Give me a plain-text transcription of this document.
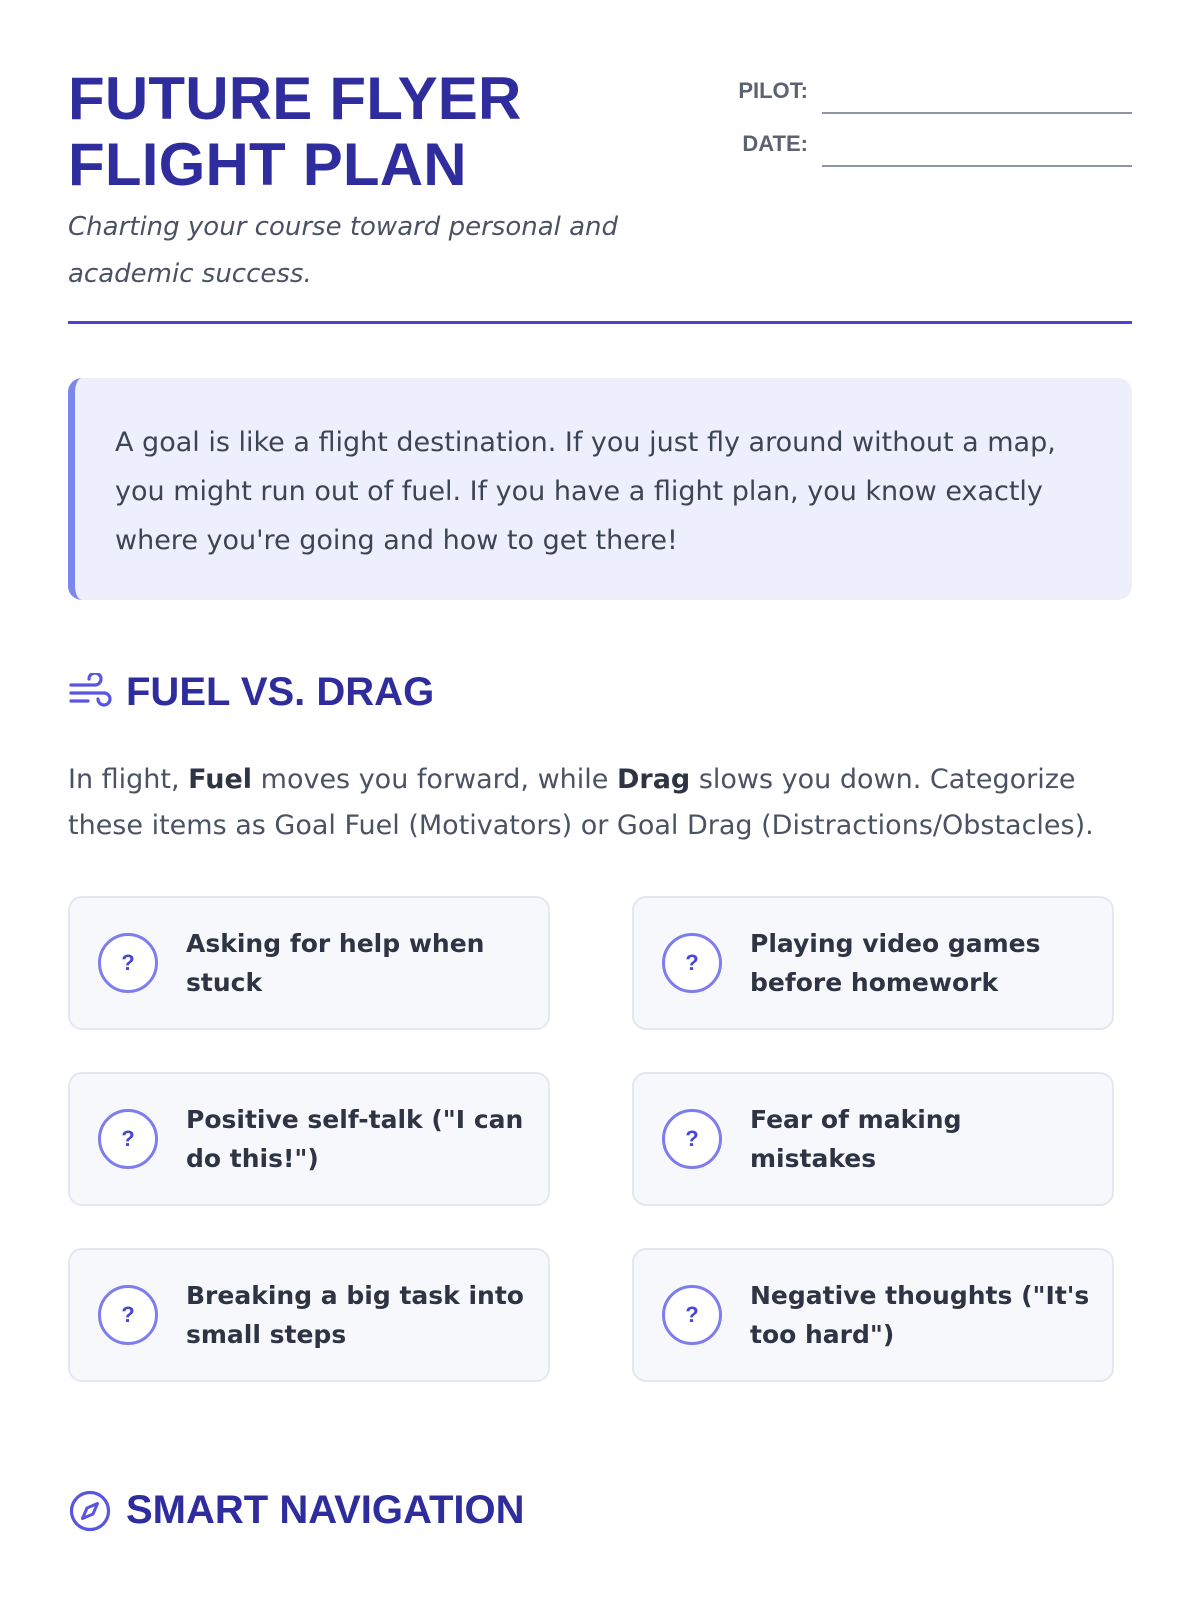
FUTURE FLYER
FLIGHT PLAN

Charting your course toward personal and academic success.

PILOT:
DATE:
A goal is like a flight destination. If you just fly around without a map, you might run out of fuel. If you have a flight plan, you know exactly where you're going and how to get there!
FUEL VS. DRAG

In flight, Fuel moves you forward, while Drag slows you down. Categorize these items as Goal Fuel (Motivators) or Goal Drag (Distractions/Obstacles).

?
Asking for help when stuck
?
Playing video games before homework
?
Positive self-talk ("I can do this!")
?
Fear of making mistakes
?
Breaking a big task into small steps
?
Negative thoughts ("It's too hard")
SMART NAVIGATION
